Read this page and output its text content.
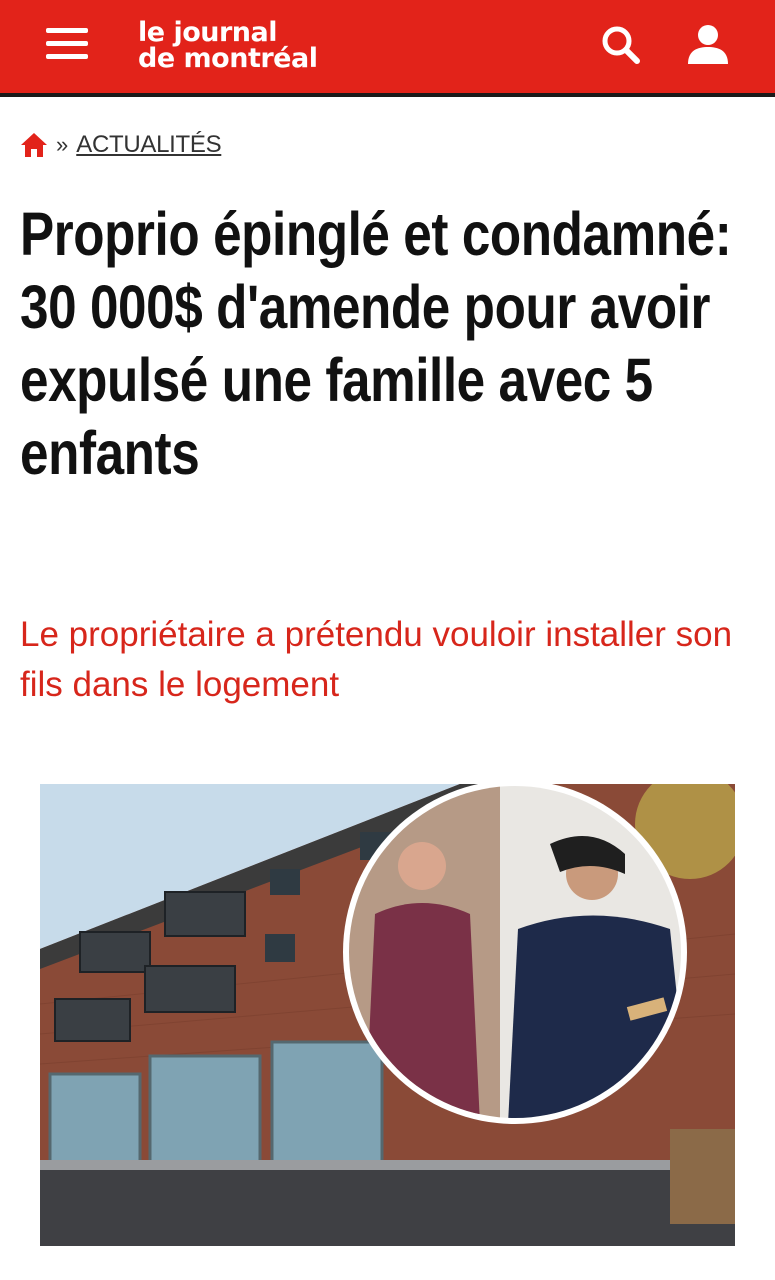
le journal
de montréal
» ACTUALITÉS
Proprio épinglé et condamné: 30 000$ d'amende pour avoir expulsé une famille avec 5 enfants

Le propriétaire a prétendu vouloir installer son fils dans le logement
